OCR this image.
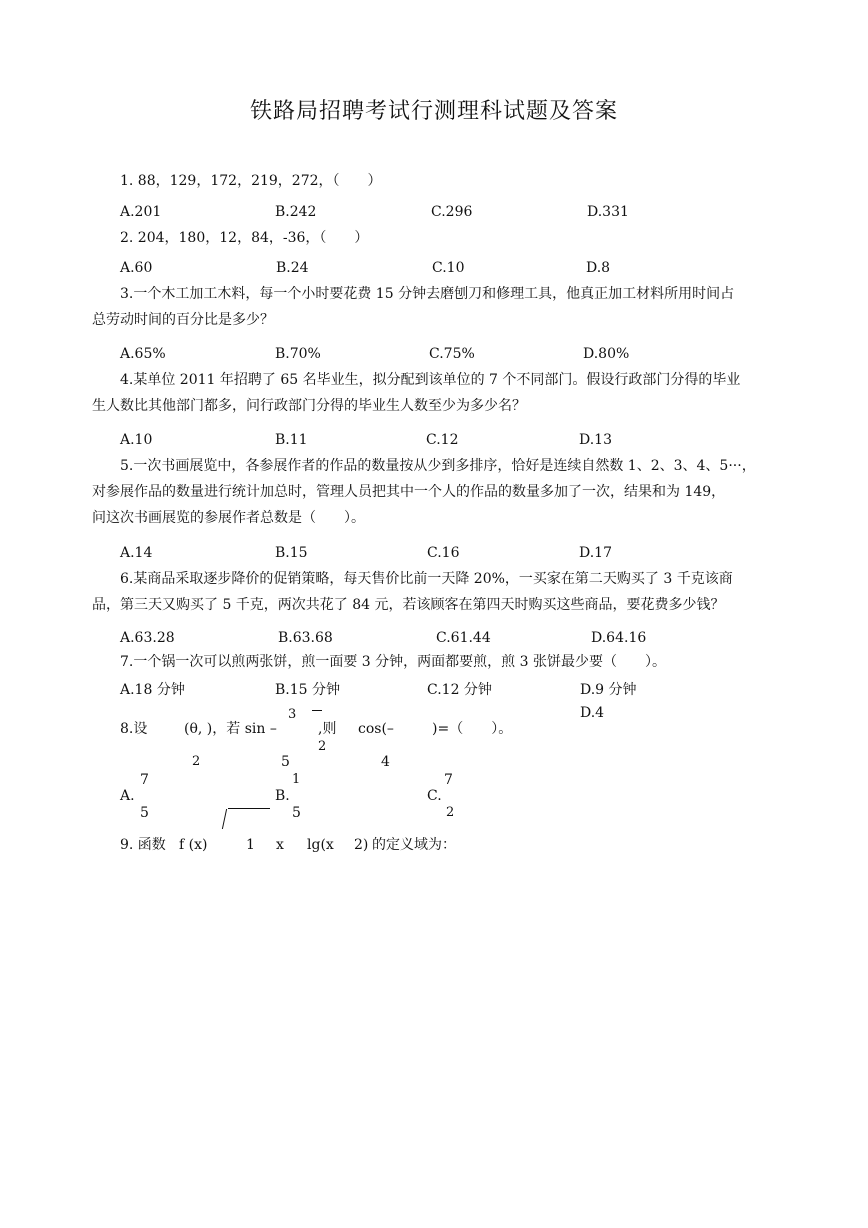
铁路局招聘考试行测理科试题及答案
1. 88，129，172，219，272，（　　）
A.201	B.242	C.296	D.331
2. 204，180，12，84，-36，（　　）
A.60	B.24	C.10	D.8
3.一个木工加工木料，每一个小时要花费 15 分钟去磨刨刀和修理工具，他真正加工材料所用时间占
总劳动时间的百分比是多少？
A.65%	B.70%	C.75%	D.80%
4.某单位 2011 年招聘了 65 名毕业生，拟分配到该单位的 7 个不同部门。假设行政部门分得的毕业
生人数比其他部门都多，问行政部门分得的毕业生人数至少为多少名？
A.10	B.11	C.12	D.13
5.一次书画展览中，各参展作者的作品的数量按从少到多排序，恰好是连续自然数 1、2、3、4、5···，
对参展作品的数量进行统计加总时，管理人员把其中一个人的作品的数量多加了一次，结果和为 149，
问这次书画展览的参展作者总数是（　　）。
A.14	B.15	C.16	D.17
6.某商品采取逐步降价的促销策略，每天售价比前一天降 20%，一买家在第二天购买了 3 千克该商
品，第三天又购买了 5 千克，两次共花了 84 元，若该顾客在第四天时购买这些商品，要花费多少钱？
A.63.28	B.63.68	C.61.44	D.64.16
7.一个锅一次可以煎两张饼，煎一面要 3 分钟，两面都要煎，煎 3 张饼最少要（　　）。
A.18 分钟	B.15 分钟	C.12 分钟	D.9 分钟
D.4
3
8.设	(θ, )，若 sin –	,则 cos(–	)=（　　）。
2
2	5	4
7	1	7
A.	B.	C.
5	5	2
9. 函数 f (x)	1 x lg(x 2) 的定义域为：
